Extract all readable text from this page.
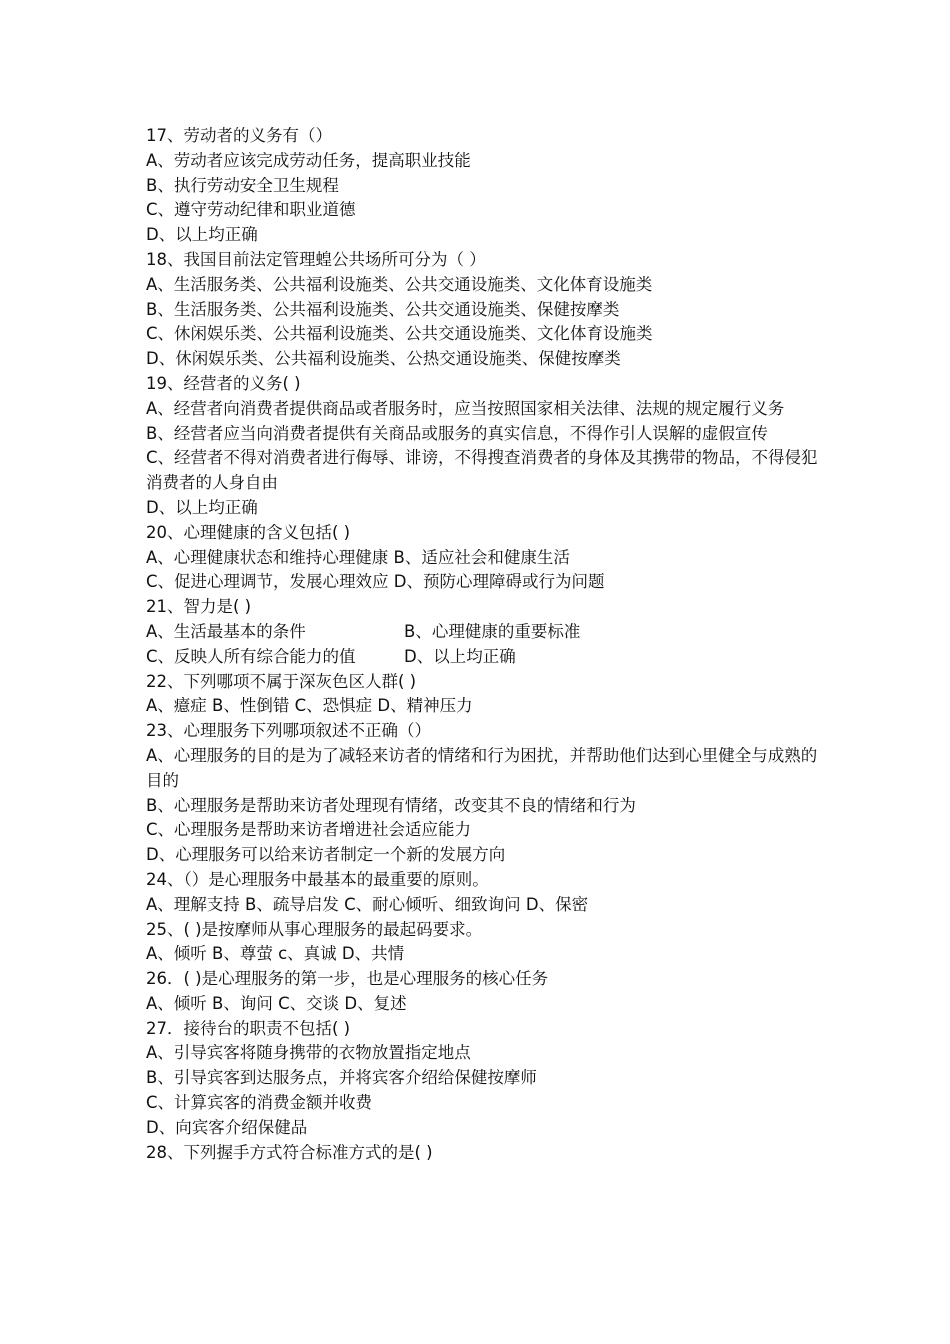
17、劳动者的义务有（）
A、劳动者应该完成劳动任务，提高职业技能
B、执行劳动安全卫生规程
C、遵守劳动纪律和职业道德
D、以上均正确
18、我国目前法定管理蝗公共场所可分为（ ）
A、生活服务类、公共福利设施类、公共交通设施类、文化体育设施类
B、生活服务类、公共福利设施类、公共交通设施类、保健按摩类
C、休闲娱乐类、公共福利设施类、公共交通设施类、文化体育设施类
D、休闲娱乐类、公共福利设施类、公热交通设施类、保健按摩类
19、经营者的义务( )
A、经营者向消费者提供商品或者服务时，应当按照国家相关法律、法规的规定履行义务
B、经营者应当向消费者提供有关商品或服务的真实信息，不得作引人误解的虚假宣传
C、经营者不得对消费者进行侮辱、诽谤，不得搜查消费者的身体及其携带的物品，不得侵犯消费者的人身自由
D、以上均正确
20、心理健康的含义包括( )
A、心理健康状态和维持心理健康 B、适应社会和健康生活
C、促进心理调节，发展心理效应 D、预防心理障碍或行为问题
21、智力是( )
A、生活最基本的条件	B、心理健康的重要标准
C、反映人所有综合能力的值	D、以上均正确
22、下列哪项不属于深灰色区人群( )
A、癔症 B、性倒错 C、恐惧症 D、精神压力
23、心理服务下列哪项叙述不正确（）
A、心理服务的目的是为了减轻来访者的情绪和行为困扰，并帮助他们达到心里健全与成熟的目的
B、心理服务是帮助来访者处理现有情绪，改变其不良的情绪和行为
C、心理服务是帮助来访者增进社会适应能力
D、心理服务可以给来访者制定一个新的发展方向
24、（）是心理服务中最基本的最重要的原则。
A、理解支持 B、疏导启发 C、耐心倾听、细致询问 D、保密
25、( )是按摩师从事心理服务的最起码要求。
A、倾听 B、尊萤 c、真诚 D、共情
26．( )是心理服务的第一步，也是心理服务的核心任务
A、倾听 B、询问 C、交谈 D、复述
27．接待台的职责不包括( )
A、引导宾客将随身携带的衣物放置指定地点
B、引导宾客到达服务点，并将宾客介绍给保健按摩师
C、计算宾客的消费金额并收费
D、向宾客介绍保健品
28、下列握手方式符合标准方式的是( )
